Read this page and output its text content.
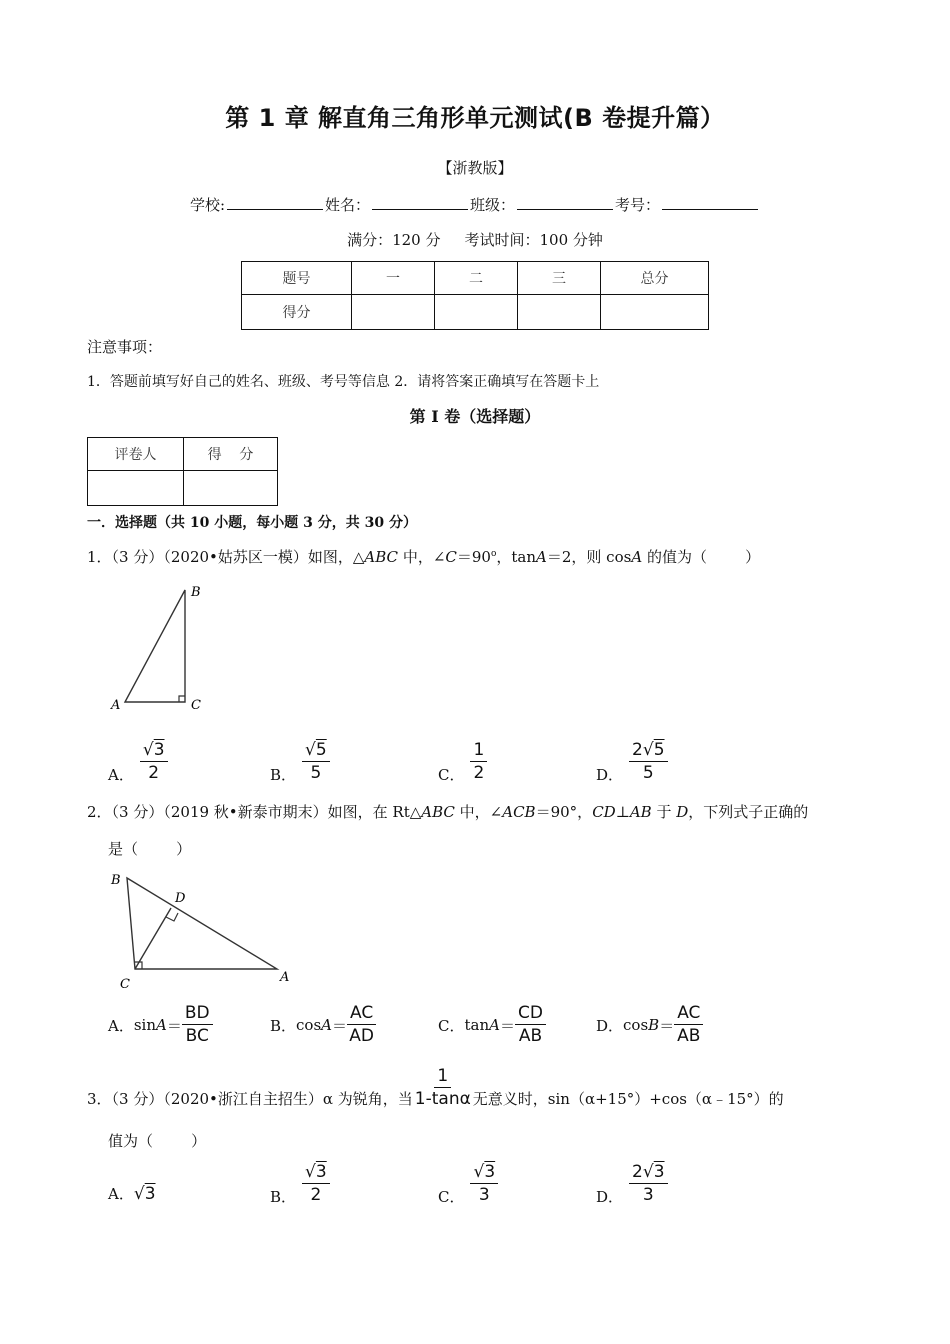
第 1 章 解直角三角形单元测试(B 卷提升篇）
【浙教版】
学校:	姓名：	班级：	考号：
满分：120 分 考试时间：100 分钟
题号	一	二	三	总分
得分				
注意事项：
1．答题前填写好自己的姓名、班级、考号等信息 2．请将答案正确填写在答题卡上
第 I 卷（选择题）
评卷人	得    分

一．选择题（共 10 小题，每小题 3 分，共 30 分）
1．（3 分）（2020•姑苏区一模）如图，△ABC 中，$\angle C=90^o$，tanA＝2，则 cosA 的值为（        ）
A
B
C
A． $\frac{√3}{2}$	B． $\frac{√5}{5}$	C． $\frac{1}{2}$	D． $\frac{2√5}{5}$
2．（3 分）（2019 秋•新泰市期末）如图，在 Rt△ABC 中，∠ACB＝90°，CD⊥AB 于 D，下列式子正确的
是（        ）
B
D
C	A
A． $\sin A = \frac{BD}{BC}$	B． $\cos A = \frac{AC}{AD}$	C． $\tan A = \frac{CD}{AB}$	D． $\cos B = \frac{AC}{AB}$
3．（3 分）（2020•浙江自主招生）α 为锐角，当 $\frac{1}{1-\tan\alpha}$ 无意义时，sin（α+15°）+cos（α﹣15°）的
值为（        ）
A． √3	B． $\frac{√3}{2}$	C． $\frac{√3}{3}$	D． $\frac{2√3}{3}$
